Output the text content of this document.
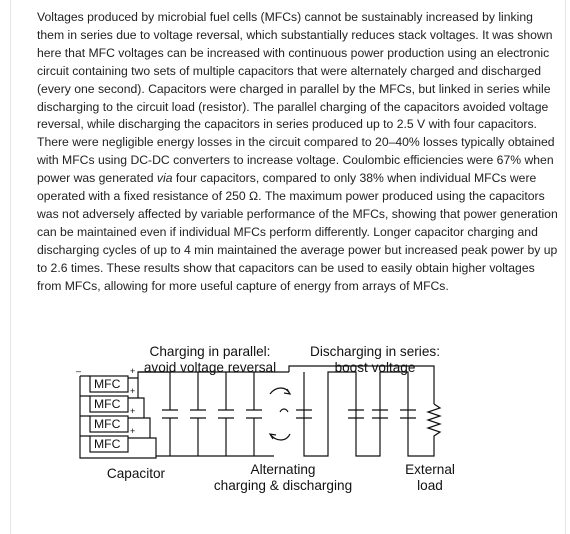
Voltages produced by microbial fuel cells (MFCs) cannot be sustainably increased by linking them in series due to voltage reversal, which substantially reduces stack voltages. It was shown here that MFC voltages can be increased with continuous power production using an electronic circuit containing two sets of multiple capacitors that were alternately charged and discharged (every one second). Capacitors were charged in parallel by the MFCs, but linked in series while discharging to the circuit load (resistor). The parallel charging of the capacitors avoided voltage reversal, while discharging the capacitors in series produced up to 2.5 V with four capacitors. There were negligible energy losses in the circuit compared to 20–40% losses typically obtained with MFCs using DC-DC converters to increase voltage. Coulombic efficiencies were 67% when power was generated via four capacitors, compared to only 38% when individual MFCs were operated with a fixed resistance of 250 Ω. The maximum power produced using the capacitors was not adversely affected by variable performance of the MFCs, showing that power generation can be maintained even if individual MFCs perform differently. Longer capacitor charging and discharging cycles of up to 4 min maintained the average power but increased peak power by up to 2.6 times. These results show that capacitors can be used to easily obtain higher voltages from MFCs, allowing for more useful capture of energy from arrays of MFCs.

Charging in parallel:
avoid voltage reversal
Discharging in series:
boost voltage
–	+
+
+
+
MFC
MFC
MFC
MFC
Capacitor	Alternating
charging & discharging
External
load
